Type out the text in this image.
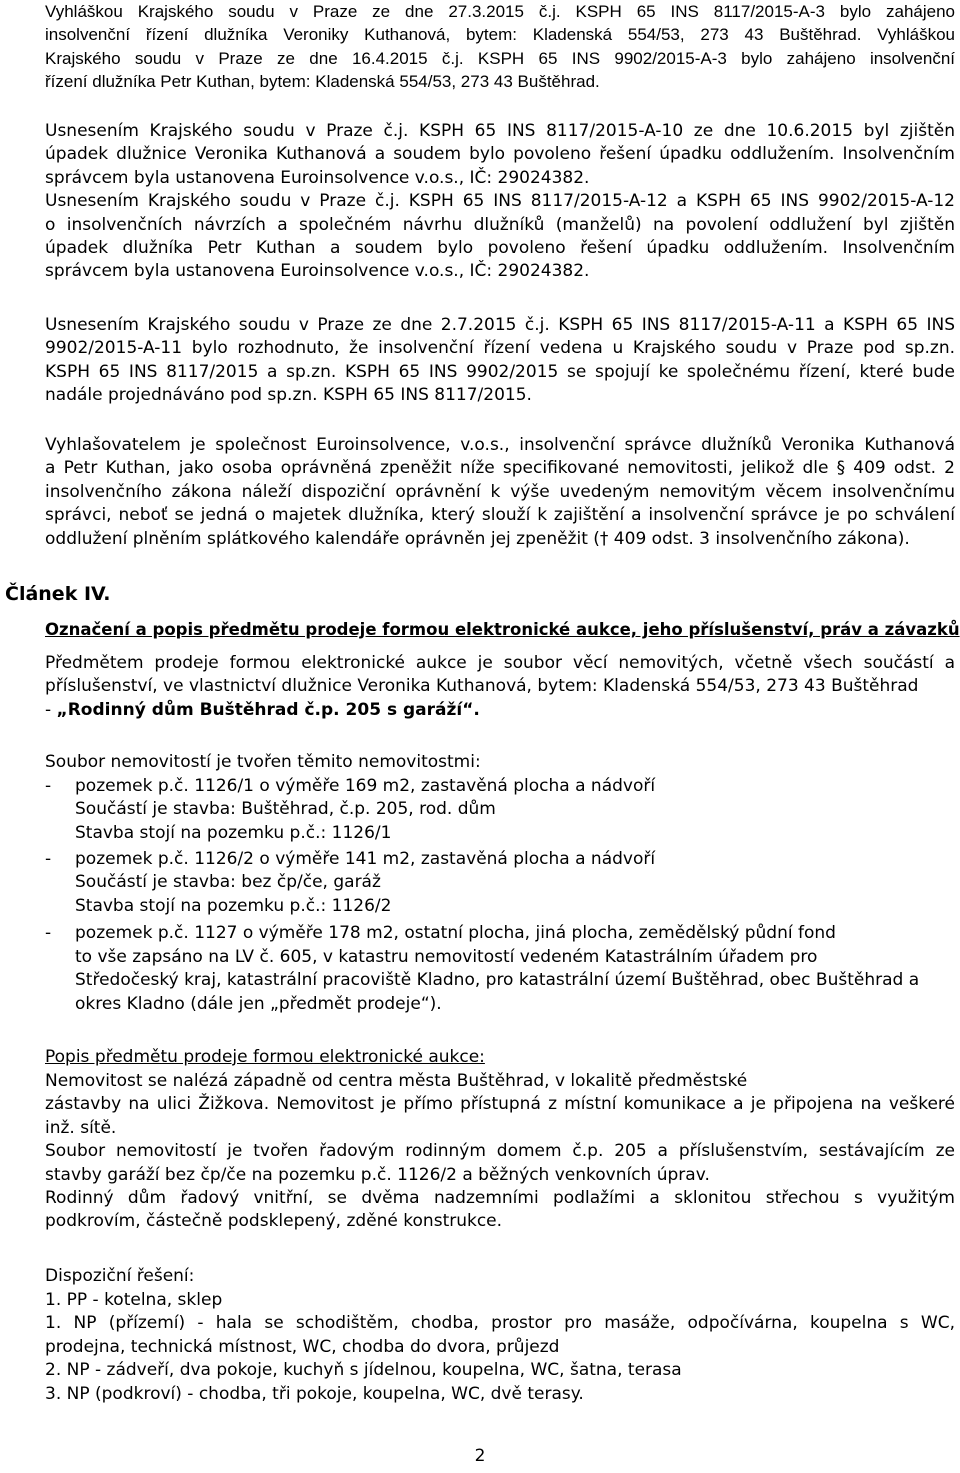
Vyhláškou Krajského soudu v Praze ze dne 27.3.2015 č.j. KSPH 65 INS 8117/2015-A-3 bylo zahájeno
insolvenční řízení dlužníka Veroniky Kuthanová, bytem: Kladenská 554/53, 273 43 Buštěhrad. Vyhláškou
Krajského soudu v Praze ze dne 16.4.2015 č.j. KSPH 65 INS 9902/2015-A-3 bylo zahájeno insolvenční
řízení dlužníka Petr Kuthan, bytem: Kladenská 554/53, 273 43 Buštěhrad.
Usnesením Krajského soudu v Praze č.j. KSPH 65 INS 8117/2015-A-10 ze dne 10.6.2015 byl zjištěn
úpadek dlužnice Veronika Kuthanová a soudem bylo povoleno řešení úpadku oddlužením. Insolvenčním
správcem byla ustanovena Euroinsolvence v.o.s., IČ: 29024382.
Usnesením Krajského soudu v Praze č.j. KSPH 65 INS 8117/2015-A-12 a KSPH 65 INS 9902/2015-A-12
o insolvenčních návrzích a společném návrhu dlužníků (manželů) na povolení oddlužení byl zjištěn
úpadek dlužníka Petr Kuthan a soudem bylo povoleno řešení úpadku oddlužením. Insolvenčním
správcem byla ustanovena Euroinsolvence v.o.s., IČ: 29024382.
Usnesením Krajského soudu v Praze ze dne 2.7.2015 č.j. KSPH 65 INS 8117/2015-A-11 a KSPH 65 INS
9902/2015-A-11 bylo rozhodnuto, že insolvenční řízení vedena u Krajského soudu v Praze pod sp.zn.
KSPH 65 INS 8117/2015 a sp.zn. KSPH 65 INS 9902/2015 se spojují ke společnému řízení, které bude
nadále projednáváno pod sp.zn. KSPH 65 INS 8117/2015.
Vyhlašovatelem je společnost Euroinsolvence, v.o.s., insolvenční správce dlužníků Veronika Kuthanová
a Petr Kuthan, jako osoba oprávněná zpeněžit níže specifikované nemovitosti, jelikož dle § 409 odst. 2
insolvenčního zákona náleží dispoziční oprávnění k výše uvedeným nemovitým věcem insolvenčnímu
správci, neboť se jedná o majetek dlužníka, který slouží k zajištění a insolvenční správce je po schválení
oddlužení plněním splátkového kalendáře oprávněn jej zpeněžit († 409 odst. 3 insolvenčního zákona).
Článek IV.
Označení a popis předmětu prodeje formou elektronické aukce, jeho příslušenství, práv a závazků
Předmětem prodeje formou elektronické aukce je soubor věcí nemovitých, včetně všech součástí a
příslušenství, ve vlastnictví dlužnice Veronika Kuthanová, bytem: Kladenská 554/53, 273 43 Buštěhrad
- „Rodinný dům Buštěhrad č.p. 205 s garáží“.
Soubor nemovitostí je tvořen těmito nemovitostmi:
- pozemek p.č. 1126/1 o výměře 169 m2, zastavěná plocha a nádvoří
Součástí je stavba: Buštěhrad, č.p. 205, rod. dům
Stavba stojí na pozemku p.č.: 1126/1
- pozemek p.č. 1126/2 o výměře 141 m2, zastavěná plocha a nádvoří
Součástí je stavba: bez čp/če, garáž
Stavba stojí na pozemku p.č.: 1126/2
- pozemek p.č. 1127 o výměře 178 m2, ostatní plocha, jiná plocha, zemědělský půdní fond
to vše zapsáno na LV č. 605, v katastru nemovitostí vedeném Katastrálním úřadem pro
Středočeský kraj, katastrální pracoviště Kladno, pro katastrální území Buštěhrad, obec Buštěhrad a
okres Kladno (dále jen „předmět prodeje“).
Popis předmětu prodeje formou elektronické aukce:
Nemovitost se nalézá západně od centra města Buštěhrad, v lokalitě předměstské
zástavby na ulici Žižkova. Nemovitost je přímo přístupná z místní komunikace a je připojena na veškeré
inž. sítě.
Soubor nemovitostí je tvořen řadovým rodinným domem č.p. 205 a příslušenstvím, sestávajícím ze
stavby garáží bez čp/če na pozemku p.č. 1126/2 a běžných venkovních úprav.
Rodinný dům řadový vnitřní, se dvěma nadzemními podlažími a sklonitou střechou s využitým
podkrovím, částečně podsklepený, zděné konstrukce.
Dispoziční řešení:
1. PP - kotelna, sklep
1. NP (přízemí) - hala se schodištěm, chodba, prostor pro masáže, odpočívárna, koupelna s WC,
prodejna, technická místnost, WC, chodba do dvora, průjezd
2. NP - zádveří, dva pokoje, kuchyň s jídelnou, koupelna, WC, šatna, terasa
3. NP (podkroví) - chodba, tři pokoje, koupelna, WC, dvě terasy.
2
